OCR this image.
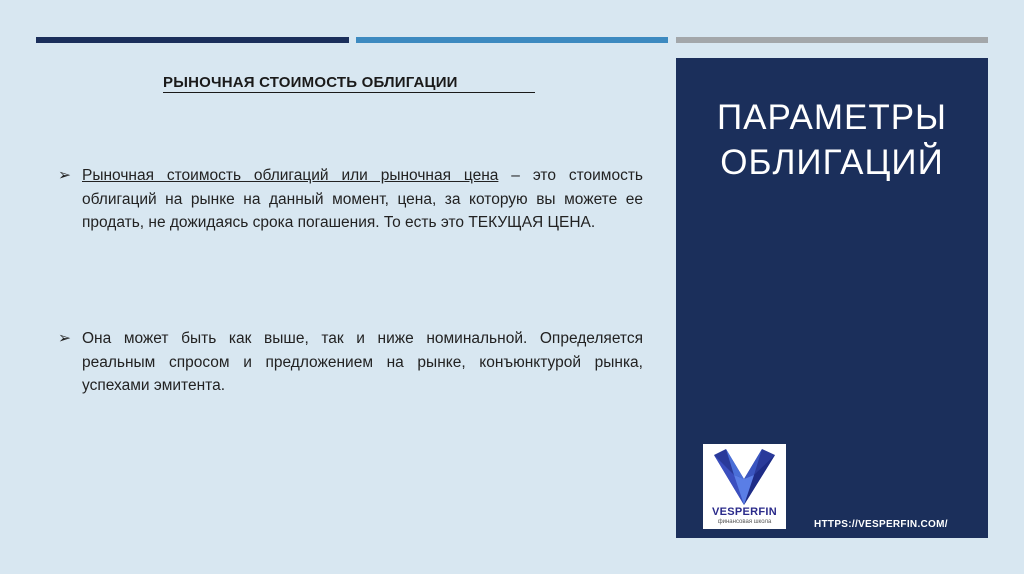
РЫНОЧНАЯ СТОИМОСТЬ ОБЛИГАЦИИ
➢ Рыночная стоимость облигаций или рыночная цена – это стоимость облигаций на рынке на данный момент, цена, за которую вы можете ее продать, не дожидаясь срока погашения. То есть это ТЕКУЩАЯ ЦЕНА.
➢ Она может быть как выше, так и ниже номинальной. Определяется реальным спросом и предложением на рынке, конъюнктурой рынка, успехами эмитента.
ПАРАМЕТРЫ
ОБЛИГАЦИЙ
VESPERFIN
финансовая школа	HTTPS://VESPERFIN.COM/
